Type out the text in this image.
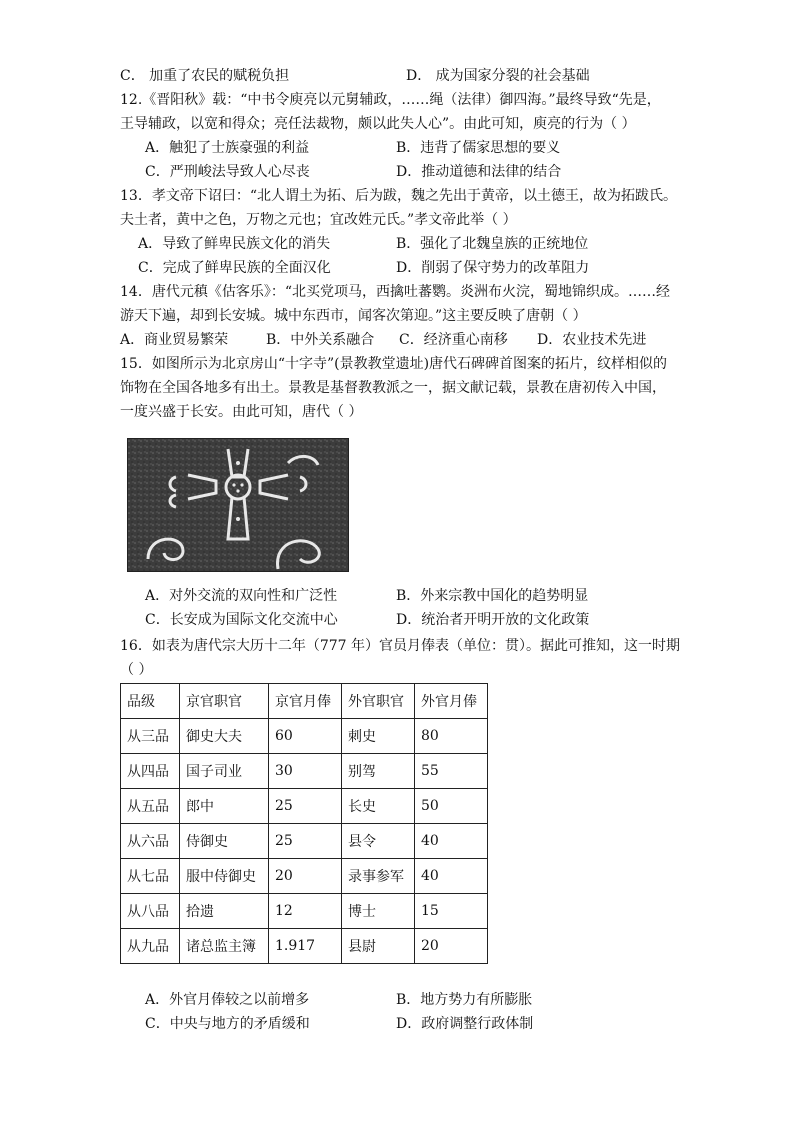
C． 加重了农民的赋税负担	D． 成为国家分裂的社会基础
12.《晋阳秋》载：“中书令庾亮以元舅辅政，……绳（法律）御四海。”最终导致“先是，
王导辅政，以宽和得众；亮任法裁物，颇以此失人心”。由此可知，庾亮的行为（ ）
A．触犯了士族豪强的利益	B．违背了儒家思想的要义
C．严刑峻法导致人心尽丧	D．推动道德和法律的结合
13．孝文帝下诏曰：“北人谓土为拓、后为跋，魏之先出于黄帝，以土德王，故为拓跋氏。
夫土者，黄中之色，万物之元也；宜改姓元氏。”孝文帝此举（ ）
A．导致了鲜卑民族文化的消失	B．强化了北魏皇族的正统地位
C．完成了鲜卑民族的全面汉化	D．削弱了保守势力的改革阻力
14．唐代元稹《估客乐》：“北买党项马，西擒吐蕃鹦。炎洲布火浣，蜀地锦织成。……经
游天下遍，却到长安城。城中东西市，闻客次第迎。”这主要反映了唐朝（ ）
A．商业贸易繁荣	B．中外关系融合 C．经济重心南移 D．农业技术先进
15．如图所示为北京房山“十字寺”(景教教堂遗址)唐代石碑碑首图案的拓片，纹样相似的
饰物在全国各地多有出土。景教是基督教教派之一，据文献记载，景教在唐初传入中国，
一度兴盛于长安。由此可知，唐代（ ）
A．对外交流的双向性和广泛性	B．外来宗教中国化的趋势明显
C．长安成为国际文化交流中心	D．统治者开明开放的文化政策
16．如表为唐代宗大历十二年（777 年）官员月俸表（单位：贯）。据此可推知，这一时期
（ ）
品级	京官职官	京官月俸	外官职官	外官月俸
从三品	御史大夫	60	刺史	80
从四品	国子司业	30	别驾	55
从五品	郎中	25	长史	50
从六品	侍御史	25	县令	40
从七品	服中侍御史	20	录事参军	40
从八品	拾遗	12	博士	15
从九品	诸总监主簿	1.917	县尉	20
A．外官月俸较之以前增多	B．地方势力有所膨胀
C．中央与地方的矛盾缓和	D．政府调整行政体制
